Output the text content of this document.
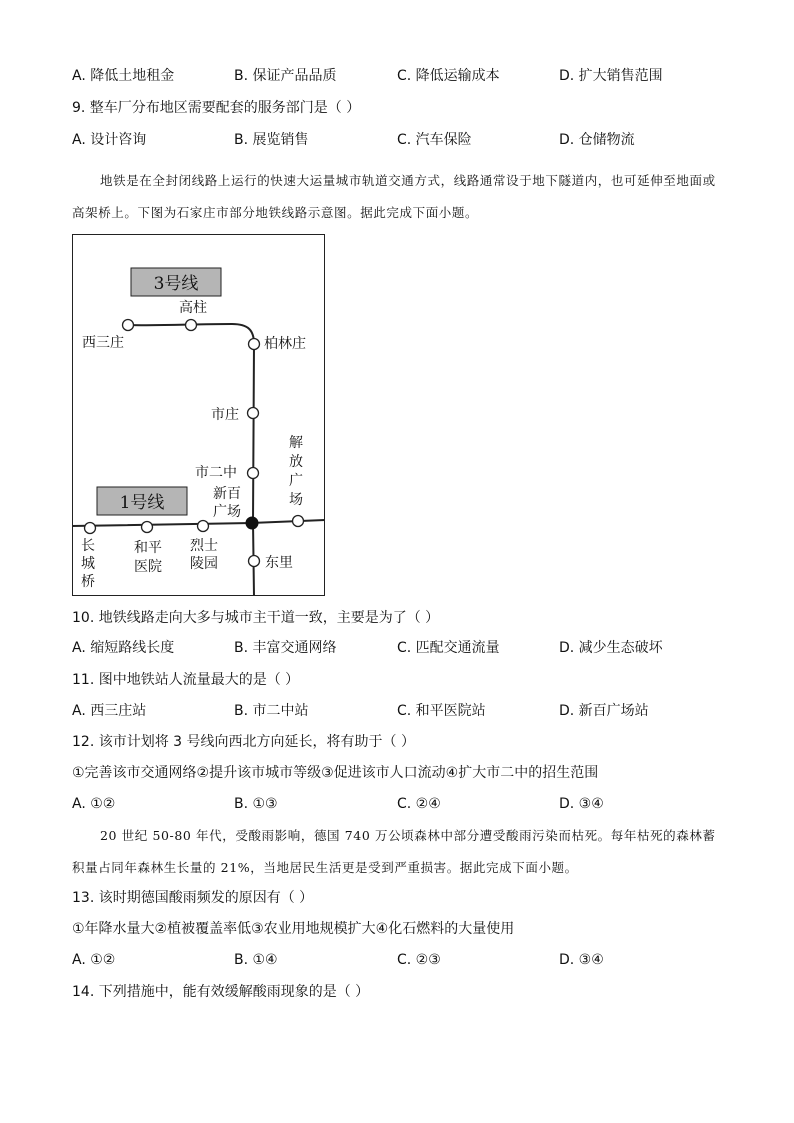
A. 降低土地租金	B. 保证产品品质	C. 降低运输成本	D. 扩大销售范围
9. 整车厂分布地区需要配套的服务部门是（ ）
A. 设计咨询	B. 展览销售	C. 汽车保险	D. 仓储物流
地铁是在全封闭线路上运行的快速大运量城市轨道交通方式，线路通常设于地下隧道内，也可延伸至地面或高架桥上。下图为石家庄市部分地铁线路示意图。据此完成下面小题。
3号线
1号线
西三庄
高柱
柏林庄
市庄
市二中
新百
广场
解
放
广
场
长
城
桥
和平
医院
烈士
陵园	东里
10. 地铁线路走向大多与城市主干道一致，主要是为了（ ）
A. 缩短路线长度	B. 丰富交通网络	C. 匹配交通流量	D. 减少生态破坏
11. 图中地铁站人流量最大的是（ ）
A. 西三庄站	B. 市二中站	C. 和平医院站	D. 新百广场站
12. 该市计划将 3 号线向西北方向延长，将有助于（ ）
①完善该市交通网络②提升该市城市等级③促进该市人口流动④扩大市二中的招生范围
A. ①②	B. ①③	C. ②④	D. ③④
20 世纪 50-80 年代，受酸雨影响，德国 740 万公顷森林中部分遭受酸雨污染而枯死。每年枯死的森林蓄积量占同年森林生长量的 21%，当地居民生活更是受到严重损害。据此完成下面小题。
13. 该时期德国酸雨频发的原因有（ ）
①年降水量大②植被覆盖率低③农业用地规模扩大④化石燃料的大量使用
A. ①②	B. ①④	C. ②③	D. ③④
14. 下列措施中，能有效缓解酸雨现象的是（ ）
